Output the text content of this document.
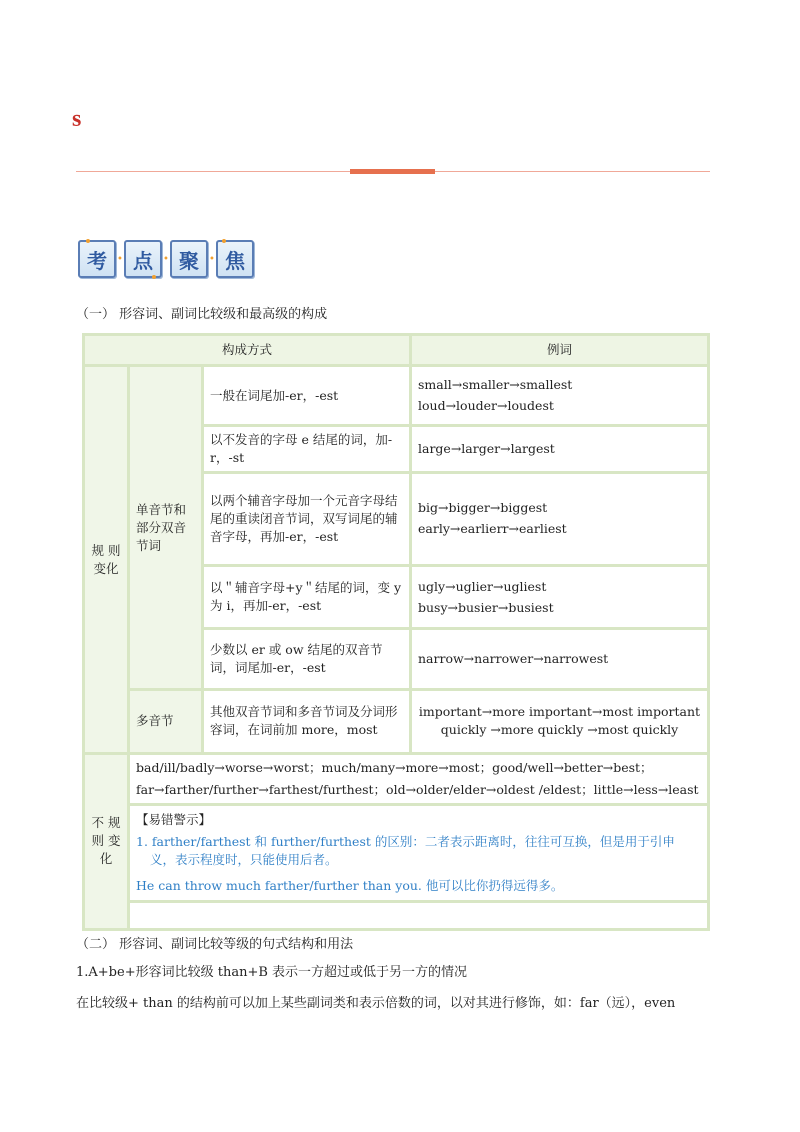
s
考 • 点 • 聚 • 焦
（一） 形容词、副词比较级和最高级的构成
构成方式			例词
规 则 变化	单音节和部分双音节词	一般在词尾加-er，-est	small→smaller→smallest
loud→louder→loudest

		以不发音的字母 e 结尾的词，加-r，-st	large→larger→largest

		以两个辅音字母加一个元音字母结尾的重读闭音节词，双写词尾的辅音字母，再加-er，-est	big→bigger→biggest
early→earlierr→earliest

		以＂辅音字母+y＂结尾的词，变 y 为 i，再加-er，-est	ugly→uglier→ugliest
busy→busier→busiest

		少数以 er 或 ow 结尾的双音节词，词尾加-er，-est	narrow→narrower→narrowest

	多音节	其他双音节词和多音节词及分词形容词，在词前加 more，most	important→more important→most important
quickly →more quickly →most quickly

不 规 则 变 化	bad/ill/badly→worse→worst；much/many→more→most；good/well→better→best；
far→farther/further→farthest/furthest；old→older/elder→oldest /eldest；little→less→least		

	【易错警示】
1. farther/farthest 和 further/furthest 的区别：二者表示距离时，往往可互换，但是用于引申
义，表示程度时，只能使用后者。
He can throw much farther/further than you. 他可以比你扔得远得多。		

（二） 形容词、副词比较等级的句式结构和用法
1.A+be+形容词比较级 than+B 表示一方超过或低于另一方的情况
在比较级+ than 的结构前可以加上某些副词类和表示倍数的词，以对其进行修饰，如：far（远），even
